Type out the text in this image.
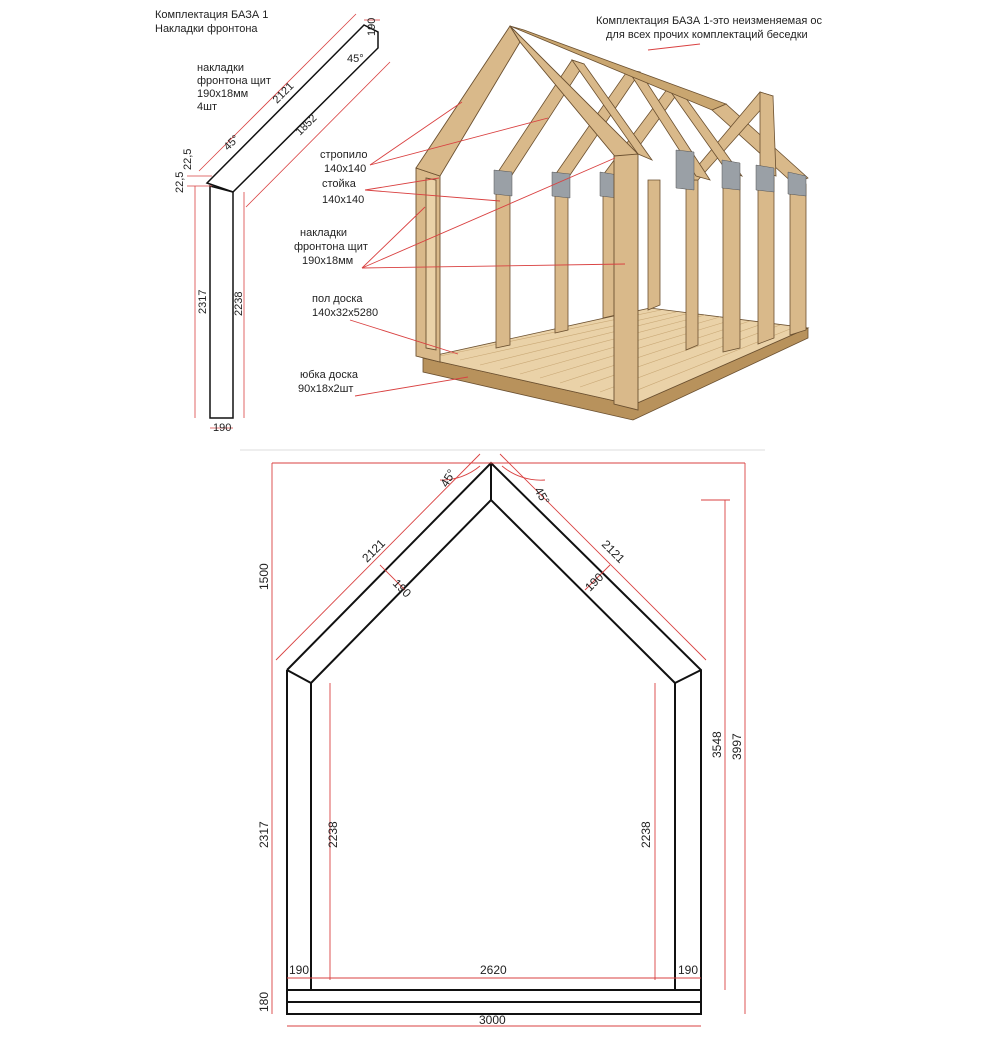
Комплектация БАЗА 1
Накладки фронтона
Комплектация БАЗА 1-это неизменяемая ос
для всех прочих комплектаций беседки
2121
1852
190
45°
45°
22,5
22,5
2317 2238
190
накладки
фронтона щит
190x18мм
4шт
стропило
140x140
стойка
140x140
накладки
фронтона щит
190x18мм
пол доска
140x32x5280
юбка доска
90x18x2шт
45°
45°
2121	2121
190	190
1500
2317	2238	2238
3548 3997
190	2620	190
180
3000
